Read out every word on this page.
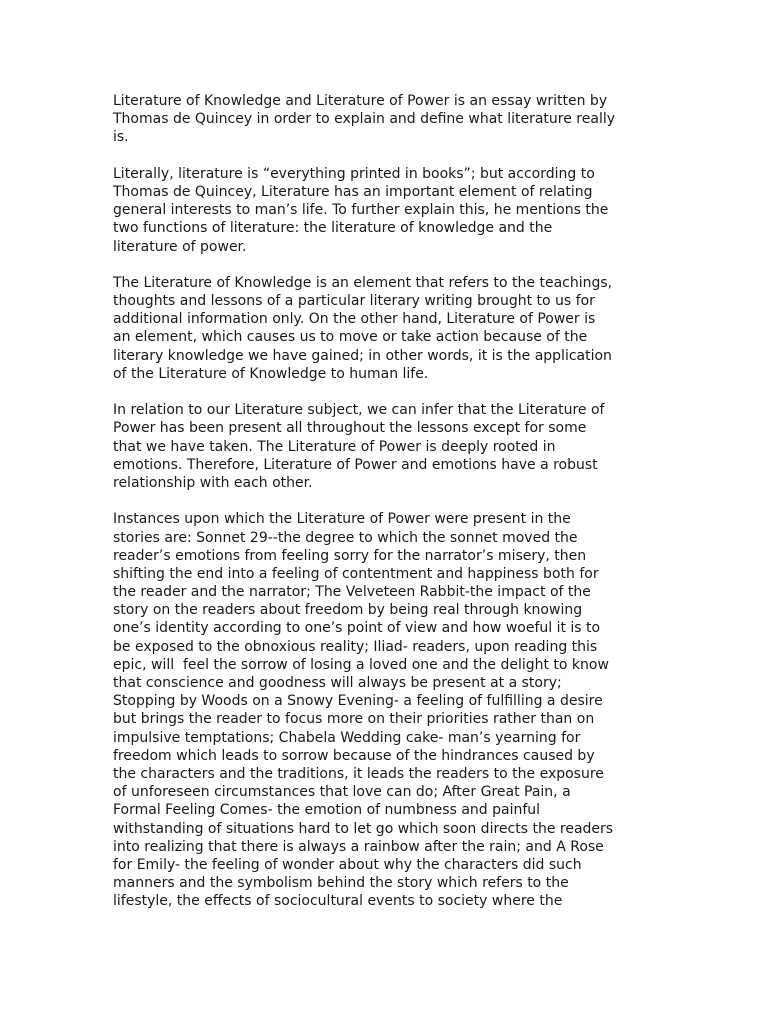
Literature of Knowledge and Literature of Power is an essay written by
Thomas de Quincey in order to explain and define what literature really
is.
Literally, literature is “everything printed in books”; but according to
Thomas de Quincey, Literature has an important element of relating
general interests to man’s life. To further explain this, he mentions the
two functions of literature: the literature of knowledge and the
literature of power.
The Literature of Knowledge is an element that refers to the teachings,
thoughts and lessons of a particular literary writing brought to us for
additional information only. On the other hand, Literature of Power is
an element, which causes us to move or take action because of the
literary knowledge we have gained; in other words, it is the application
of the Literature of Knowledge to human life.
In relation to our Literature subject, we can infer that the Literature of
Power has been present all throughout the lessons except for some
that we have taken. The Literature of Power is deeply rooted in
emotions. Therefore, Literature of Power and emotions have a robust
relationship with each other.
Instances upon which the Literature of Power were present in the
stories are: Sonnet 29--the degree to which the sonnet moved the
reader’s emotions from feeling sorry for the narrator’s misery, then
shifting the end into a feeling of contentment and happiness both for
the reader and the narrator; The Velveteen Rabbit-the impact of the
story on the readers about freedom by being real through knowing
one’s identity according to one’s point of view and how woeful it is to
be exposed to the obnoxious reality; Iliad- readers, upon reading this
epic, will  feel the sorrow of losing a loved one and the delight to know
that conscience and goodness will always be present at a story;
Stopping by Woods on a Snowy Evening- a feeling of fulfilling a desire
but brings the reader to focus more on their priorities rather than on
impulsive temptations; Chabela Wedding cake- man’s yearning for
freedom which leads to sorrow because of the hindrances caused by
the characters and the traditions, it leads the readers to the exposure
of unforeseen circumstances that love can do; After Great Pain, a
Formal Feeling Comes- the emotion of numbness and painful
withstanding of situations hard to let go which soon directs the readers
into realizing that there is always a rainbow after the rain; and A Rose
for Emily- the feeling of wonder about why the characters did such
manners and the symbolism behind the story which refers to the
lifestyle, the effects of sociocultural events to society where the
